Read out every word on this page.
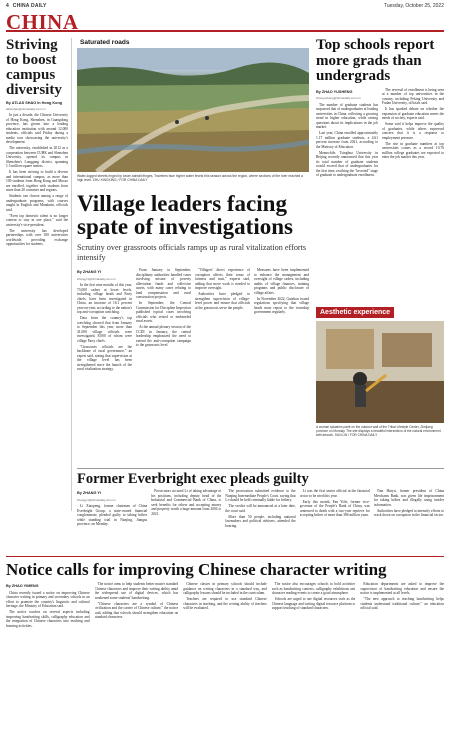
4 CHINA DAILY	Tuesday, October 25, 2022
CHINA
Striving to boost campus diversity
By ATLAS SHAO in Hong Kong
atlasshao@chinadaily.com.cn

In just a decade, the Chinese University of Hong Kong, Shenzhen, in Guangdong province, has grown into a leading education institution with around 12,000 students, officials said Friday during a media tour showcasing the university's development.

The university, established in 2012 as a cooperation between CUHK and Shenzhen University, opened its campus in Shenzhen's Longgang district, spanning 1.5 million square meters.

It has been striving to build a diverse and international campus, as more than 100 students from Hong Kong and Macao are enrolled, together with students from more than 20 countries and regions.

Students can choose among a range of undergraduate programs, with courses taught in English and Mandarin, officials said.

"Even top domestic talent is no longer content to stay in one place," said the university's vice-president.

The university has developed partnerships with over 100 universities worldwide, providing exchange opportunities for students.

Saturated roads
Water-logged streets ringed by lower-rainfall fringes. Travelers face higher water levels this season across the region, where sections of the river reached a high level. ZHU XINGXING / FOR CHINA DAILY
Village leaders facing spate of investigations
Scrutiny over grassroots officials ramps up as rural vitalization efforts intensify
By ZHANG YI
zhangyi1@chinadaily.com.cn

In the first nine months of this year, 73,000 cadres at lower levels, including village heads and Party chiefs, have been investigated in China, an increase of 16.1 percent year-on-year, according to the nation's top anti-corruption watchdog.

Data from the country's top watchdog showed that from January to September this year, more than 41,000 village officials were investigated, 8,000 of whom were village Party chiefs.

"Grassroots officials are the backbone of rural governance," an expert said, noting that supervision at the village level has been strengthened since the launch of the rural vitalization strategy.

From January to September, disciplinary authorities handled cases involving misuse of poverty alleviation funds and collective assets, with many cases relating to land compensation and rural construction projects.

In September, the Central Commission for Discipline Inspection published typical cases involving officials who seized or embezzled rural assets.

At the annual plenary session of the CCDI in January, the central leadership emphasized the need to extend the anti-corruption campaign to the grassroots level.

"Villagers' direct experience of corruption affects their sense of fairness and trust," experts said, adding that more work is needed to improve oversight.

Authorities have pledged to strengthen supervision of village-level power and ensure that officials at the grassroots serve the people.

Measures have been implemented to enhance the management and oversight of village cadres, including audits of village finances, training programs and public disclosure of village affairs.

In November 2022, Guizhou issued regulations specifying that village heads must report to the township government regularly.

Top schools report more grads than undergrads
By ZHAO YUSHENG
zhaoyusheng@chinadaily.com.cn

The number of graduate students has surpassed that of undergraduates at leading universities in China, reflecting a growing trend in higher education, while raising questions about its implications in the job market.

Last year, China enrolled approximately 1.17 million graduate students, a 4.61 percent increase from 2021, according to the Ministry of Education.

Meanwhile, Tsinghua University in Beijing recently announced that this year its total number of graduate students would exceed that of undergraduates for the first time, reaching the "inverted" stage of graduate to undergraduate enrollment.

The reversal of enrollment is being seen at a number of top universities in the country, including Peking University and Fudan University, officials said.

It has sparked debate on whether the expansion of graduate education meets the needs of society, experts said.

Some said it helps improve the quality of graduates, while others expressed concern that it is a response to employment pressure.

The rise in graduate numbers at top universities comes as a record 10.76 million college graduates are expected to enter the job market this year.

Aesthetic experience
A woman splashes paint on the outdoor wall of the Tribal Lifestyle Center, Zhejiang province on Monday. The site displays a beautiful intersection of the natural environment with artwork. SUN LIN / FOR CHINA DAILY
Former Everbright exec pleads guilty
By ZHANG YI
zhangyi1@chinadaily.com.cn

Li Xiaopeng, former chairman of China Everbright Group, a state-owned financial conglomerate, pleaded guilty to taking bribes while standing trial in Nanjing, Jiangsu province, on Monday.

Prosecutors accused Li of taking advantage of his positions, including deputy head of the Industrial and Commercial Bank of China, to seek benefits for others and accepting money and property worth a huge amount from 2004 to 2021.

The prosecution submitted evidence to the Nanjing Intermediate People's Court, saying that Li should be held criminally liable for bribery.

The verdict will be announced at a later date, the court said.

More than 50 people, including national lawmakers and political advisers, attended the hearing.

Li was the first senior official in the financial sector to be tried this year.

Early this month, Fan Yifei, former vice-governor of the People's Bank of China, was sentenced to death with a two-year reprieve for accepting bribes of more than 386 million yuan.

Tian Huiyu, former president of China Merchants Bank, was given life imprisonment for taking bribes and illegally using insider information.

Authorities have pledged to intensify efforts to crack down on corruption in the financial sector.

Notice calls for improving Chinese character writing
By ZHAO YIMENG

China recently issued a notice on improving Chinese character writing in primary and secondary schools in an effort to promote the country's linguistic and cultural heritage, the Ministry of Education said.

The notice touches on several aspects including improving handwriting skills, calligraphy education and the integration of Chinese characters into teaching and learning activities.

The notice aims to help students better master standard Chinese characters and improve their writing ability amid the widespread use of digital devices, which has weakened some students' handwriting.

"Chinese characters are a symbol of Chinese civilization and the carrier of Chinese culture," the notice said, adding that schools should strengthen education on standard characters.

Chinese classes in primary schools should include guidance on writing characters in a standard way, and calligraphy lessons should be included in the curriculum.

Teachers are required to use standard Chinese characters in teaching, and the writing ability of teachers will be evaluated.

The notice also encourages schools to hold activities such as handwriting contests, calligraphy exhibitions and character reading events to create a good atmosphere.

Schools are urged to use digital resources such as the Chinese language and writing digital resource platform to support teaching of standard characters.

Education departments are asked to improve the supervision of handwriting education and ensure the notice is implemented at all levels.

"The new approach to teaching handwriting helps students understand traditional culture," an education official said.
